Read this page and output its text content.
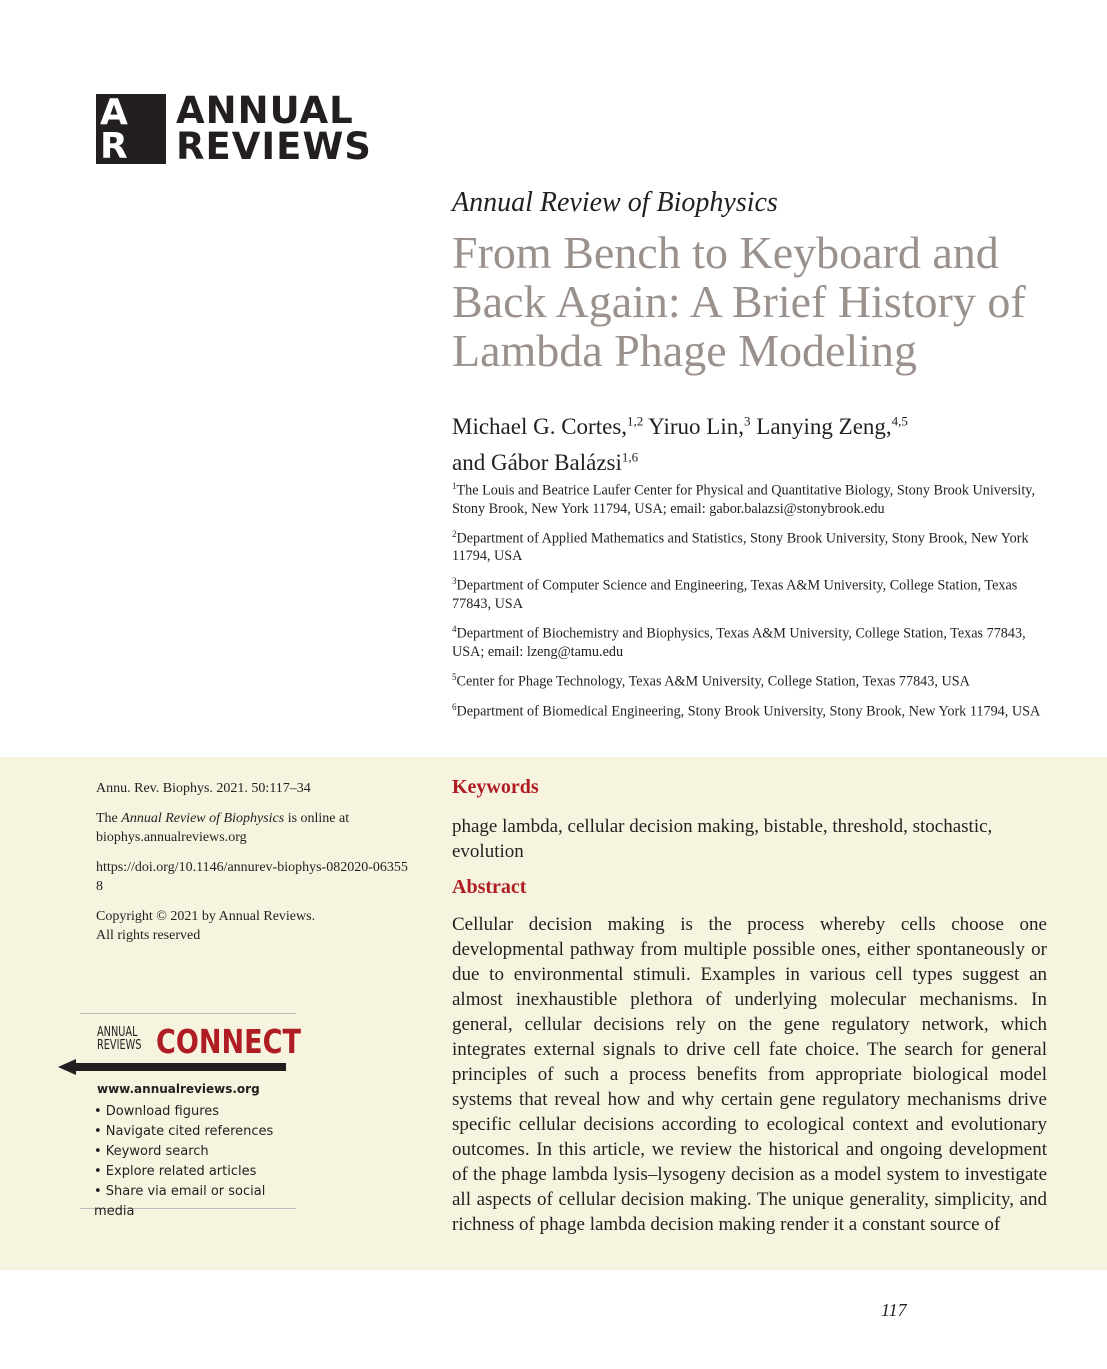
A
R
ANNUAL
REVIEWS
Annual Review of Biophysics
From Bench to Keyboard and Back Again: A Brief History of Lambda Phage Modeling
Michael G. Cortes,$^{1,2}$ Yiruo Lin,$^3$ Lanying Zeng,$^{4,5}$
and Gábor Balázsi$^{1,6}$

$^1$The Louis and Beatrice Laufer Center for Physical and Quantitative Biology, Stony Brook University, Stony Brook, New York 11794, USA; email: gabor.balazsi@stonybrook.edu

$^2$Department of Applied Mathematics and Statistics, Stony Brook University, Stony Brook, New York 11794, USA

$^3$Department of Computer Science and Engineering, Texas A&M University, College Station, Texas 77843, USA

$^4$Department of Biochemistry and Biophysics, Texas A&M University, College Station, Texas 77843, USA; email: lzeng@tamu.edu

$^5$Center for Phage Technology, Texas A&M University, College Station, Texas 77843, USA

$^6$Department of Biomedical Engineering, Stony Brook University, Stony Brook, New York 11794, USA

Annu. Rev. Biophys. 2021. 50:117–34

The Annual Review of Biophysics is online at biophys.annualreviews.org

https://doi.org/10.1146/annurev-biophys-082020-063558

Copyright © 2021 by Annual Reviews.
All rights reserved

ANNUAL
REVIEWS CONNECT
www.annualreviews.org
• Download figures
• Navigate cited references
• Keyword search
• Explore related articles
• Share via email or social media
Keywords
phage lambda, cellular decision making, bistable, threshold, stochastic, evolution
Abstract
Cellular decision making is the process whereby cells choose one developmental pathway from multiple possible ones, either spontaneously or due to environmental stimuli. Examples in various cell types suggest an almost inexhaustible plethora of underlying molecular mechanisms. In general, cellular decisions rely on the gene regulatory network, which integrates external signals to drive cell fate choice. The search for general principles of such a process benefits from appropriate biological model systems that reveal how and why certain gene regulatory mechanisms drive specific cellular decisions according to ecological context and evolutionary outcomes. In this article, we review the historical and ongoing development of the phage lambda lysis–lysogeny decision as a model system to investigate all aspects of cellular decision making. The unique generality, simplicity, and richness of phage lambda decision making render it a constant source of
117
